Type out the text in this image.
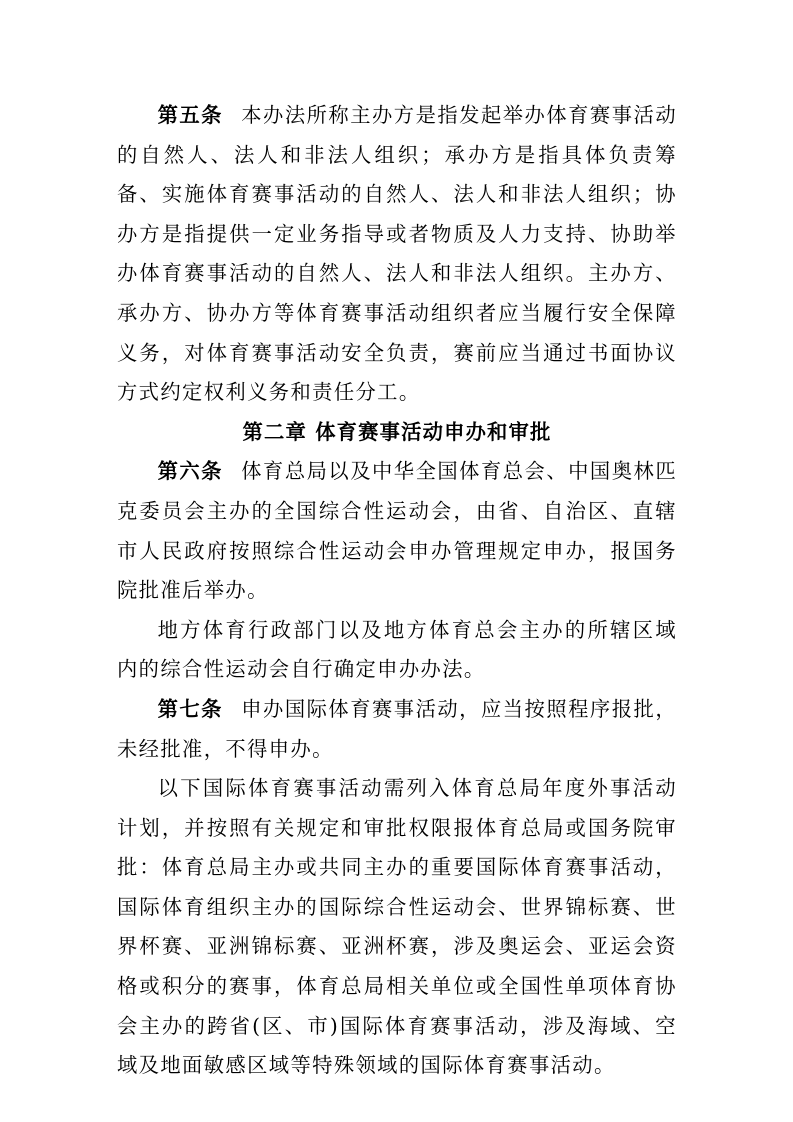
第五条 本办法所称主办方是指发起举办体育赛事活动的自然人、法人和非法人组织；承办方是指具体负责筹备、实施体育赛事活动的自然人、法人和非法人组织；协办方是指提供一定业务指导或者物质及人力支持、协助举办体育赛事活动的自然人、法人和非法人组织。主办方、承办方、协办方等体育赛事活动组织者应当履行安全保障义务，对体育赛事活动安全负责，赛前应当通过书面协议方式约定权利义务和责任分工。

第二章 体育赛事活动申办和审批

第六条 体育总局以及中华全国体育总会、中国奥林匹克委员会主办的全国综合性运动会，由省、自治区、直辖市人民政府按照综合性运动会申办管理规定申办，报国务院批准后举办。

地方体育行政部门以及地方体育总会主办的所辖区域内的综合性运动会自行确定申办办法。

第七条 申办国际体育赛事活动，应当按照程序报批，未经批准，不得申办。

以下国际体育赛事活动需列入体育总局年度外事活动计划，并按照有关规定和审批权限报体育总局或国务院审批：体育总局主办或共同主办的重要国际体育赛事活动，国际体育组织主办的国际综合性运动会、世界锦标赛、世界杯赛、亚洲锦标赛、亚洲杯赛，涉及奥运会、亚运会资格或积分的赛事，体育总局相关单位或全国性单项体育协会主办的跨省(区、市)国际体育赛事活动，涉及海域、空域及地面敏感区域等特殊领域的国际体育赛事活动。
